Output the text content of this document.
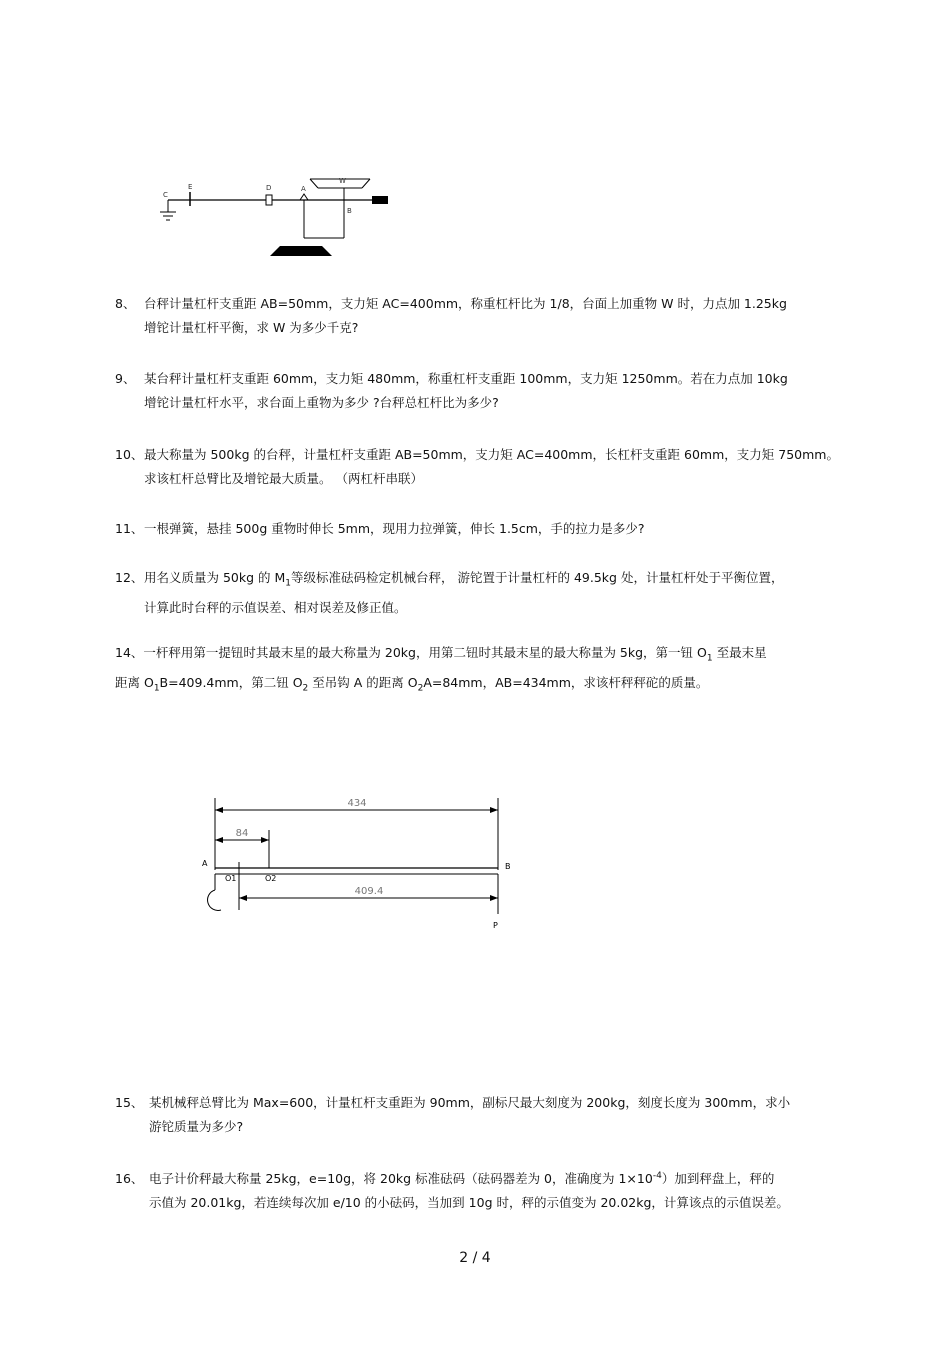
C
E	D	A
W
B
8、 台秤计量杠杆支重距 AB=50mm，支力矩 AC=400mm，称重杠杆比为 1/8，台面上加重物 W 时，力点加 1.25kg
增铊计量杠杆平衡，求 W 为多少千克?
9、 某台秤计量杠杆支重距 60mm，支力矩 480mm，称重杠杆支重距 100mm，支力矩 1250mm。若在力点加 10kg
增铊计量杠杆水平，求台面上重物为多少 ?台秤总杠杆比为多少?
10、最大称量为 500kg 的台秤，计量杠杆支重距 AB=50mm，支力矩 AC=400mm，长杠杆支重距 60mm，支力矩 750mm。
求该杠杆总臂比及增铊最大质量。 （两杠杆串联）
11、一根弹簧，悬挂 500g 重物时伸长 5mm，现用力拉弹簧，伸长 1.5cm，手的拉力是多少?
12、用名义质量为 50kg 的 $M_1$等级标准砝码检定机械台秤， 游铊置于计量杠杆的 49.5kg 处，计量杠杆处于平衡位置，
计算此时台秤的示值误差、相对误差及修正值。
14、一杆秤用第一提钮时其最末星的最大称量为 20kg，用第二钮时其最末星的最大称量为 5kg，第一钮 $O_1$ 至最末星
距离 $O_1B=409.4mm$，第二钮 $O_2$ 至吊钩 A 的距离 $O_2A=84mm$，AB=434mm，求该杆秤秤砣的质量。
434
84
409.4
A	B
O1	O2
P
15、 某机械秤总臂比为 Max=600，计量杠杆支重距为 90mm，副标尺最大刻度为 200kg，刻度长度为 300mm，求小
游铊质量为多少?
16、 电子计价秤最大称量 25kg，e=10g，将 20kg 标准砝码（砝码器差为 0，准确度为 $1\times 10^{-4}$）加到秤盘上，秤的
示值为 20.01kg，若连续每次加 e/10 的小砝码，当加到 10g 时，秤的示值变为 20.02kg，计算该点的示值误差。
2 / 4
